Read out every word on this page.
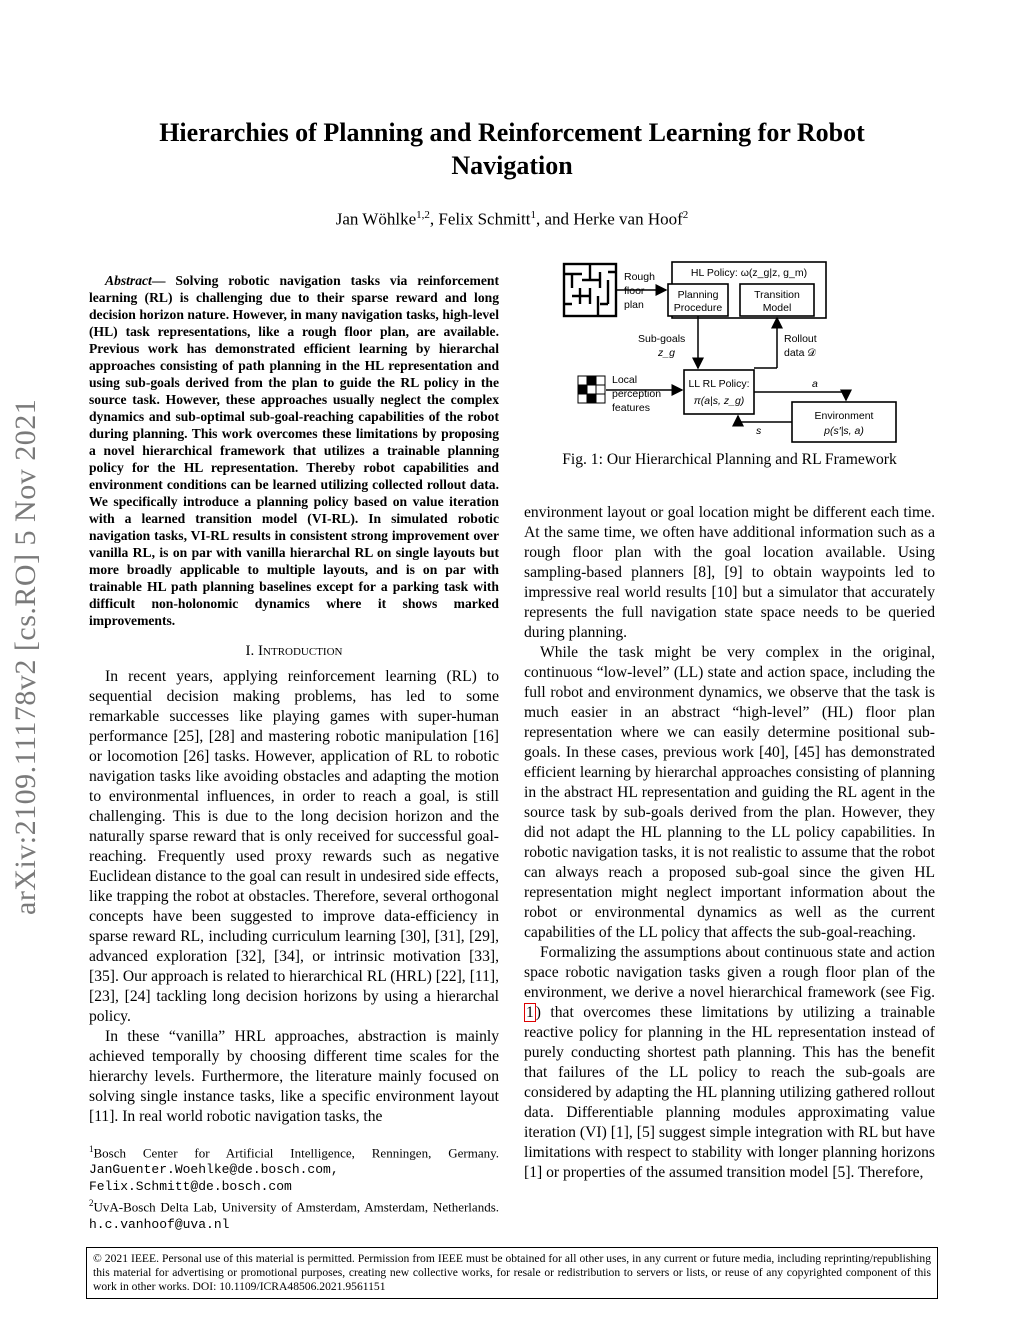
arXiv:2109.11178v2 [cs.RO] 5 Nov 2021
Hierarchies of Planning and Reinforcement Learning for Robot Navigation
Jan Wöhlke$^{1,2}$, Felix Schmitt$^1$, and Herke van Hoof$^2$

Abstract— Solving robotic navigation tasks via reinforcement learning (RL) is challenging due to their sparse reward and long decision horizon nature. However, in many navigation tasks, high-level (HL) task representations, like a rough floor plan, are available. Previous work has demonstrated efficient learning by hierarchal approaches consisting of path planning in the HL representation and using sub-goals derived from the plan to guide the RL policy in the source task. However, these approaches usually neglect the complex dynamics and sub-optimal sub-goal-reaching capabilities of the robot during planning. This work overcomes these limitations by proposing a novel hierarchical framework that utilizes a trainable planning policy for the HL representation. Thereby robot capabilities and environment conditions can be learned utilizing collected rollout data. We specifically introduce a planning policy based on value iteration with a learned transition model (VI-RL). In simulated robotic navigation tasks, VI-RL results in consistent strong improvement over vanilla RL, is on par with vanilla hierarchal RL on single layouts but more broadly applicable to multiple layouts, and is on par with trainable HL path planning baselines except for a parking task with difficult non-holonomic dynamics where it shows marked improvements.

I. Introduction

In recent years, applying reinforcement learning (RL) to sequential decision making problems, has led to some remarkable successes like playing games with super-human performance [25], [28] and mastering robotic manipulation [16] or locomotion [26] tasks. However, application of RL to robotic navigation tasks like avoiding obstacles and adapting the motion to environmental influences, in order to reach a goal, is still challenging. This is due to the long decision horizon and the naturally sparse reward that is only received for successful goal-reaching. Frequently used proxy rewards such as negative Euclidean distance to the goal can result in undesired side effects, like trapping the robot at obstacles. Therefore, several orthogonal concepts have been suggested to improve data-efficiency in sparse reward RL, including curriculum learning [30], [31], [29], advanced exploration [32], [34], or intrinsic motivation [33], [35]. Our approach is related to hierarchical RL (HRL) [22], [11], [23], [24] tackling long decision horizons by using a hierarchal policy.

In these “vanilla” HRL approaches, abstraction is mainly achieved temporally by choosing different time scales for the hierarchy levels. Furthermore, the literature mainly focused on solving single instance tasks, like a specific environment layout [11]. In real world robotic navigation tasks, the

$^1$Bosch Center for Artificial Intelligence, Renningen, Germany. JanGuenter.Woehlke@de.bosch.com, Felix.Schmitt@de.bosch.com
$^2$UvA-Bosch Delta Lab, University of Amsterdam, Amsterdam, Netherlands. h.c.vanhoof@uva.nl
Rough
floor
plan
HL Policy: ω(z_g|z, g_m)
Planning
Procedure
Transition
Model
Sub-goals
z_g
Rollout
data 𝒟
Local
perception
features
LL RL Policy:
π(a|s, z_g)
Environment
p(s′|s, a)
a
s
Fig. 1: Our Hierarchical Planning and RL Framework

environment layout or goal location might be different each time. At the same time, we often have additional information such as a rough floor plan with the goal location available. Using sampling-based planners [8], [9] to obtain waypoints led to impressive real world results [10] but a simulator that accurately represents the full navigation state space needs to be queried during planning.

While the task might be very complex in the original, continuous “low-level” (LL) state and action space, including the full robot and environment dynamics, we observe that the task is much easier in an abstract “high-level” (HL) floor plan representation where we can easily determine positional sub-goals. In these cases, previous work [40], [45] has demonstrated efficient learning by hierarchal approaches consisting of planning in the abstract HL representation and guiding the RL agent in the source task by sub-goals derived from the plan. However, they did not adapt the HL planning to the LL policy capabilities. In robotic navigation tasks, it is not realistic to assume that the robot can always reach a proposed sub-goal since the given HL representation might neglect important information about the robot or environmental dynamics as well as the current capabilities of the LL policy that affects the sub-goal-reaching.

Formalizing the assumptions about continuous state and action space robotic navigation tasks given a rough floor plan of the environment, we derive a novel hierarchical framework (see Fig. 1 ) that overcomes these limitations by utilizing a trainable reactive policy for planning in the HL representation instead of purely conducting shortest path planning. This has the benefit that failures of the LL policy to reach the sub-goals are considered by adapting the HL planning utilizing gathered rollout data. Differentiable planning modules approximating value iteration (VI) [1], [5] suggest simple integration with RL but have limitations with respect to stability with longer planning horizons [1] or properties of the assumed transition model [5]. Therefore,

© 2021 IEEE. Personal use of this material is permitted. Permission from IEEE must be obtained for all other uses, in any current or future media, including reprinting/republishing this material for advertising or promotional purposes, creating new collective works, for resale or redistribution to servers or lists, or reuse of any copyrighted component of this work in other works. DOI: 10.1109/ICRA48506.2021.9561151
